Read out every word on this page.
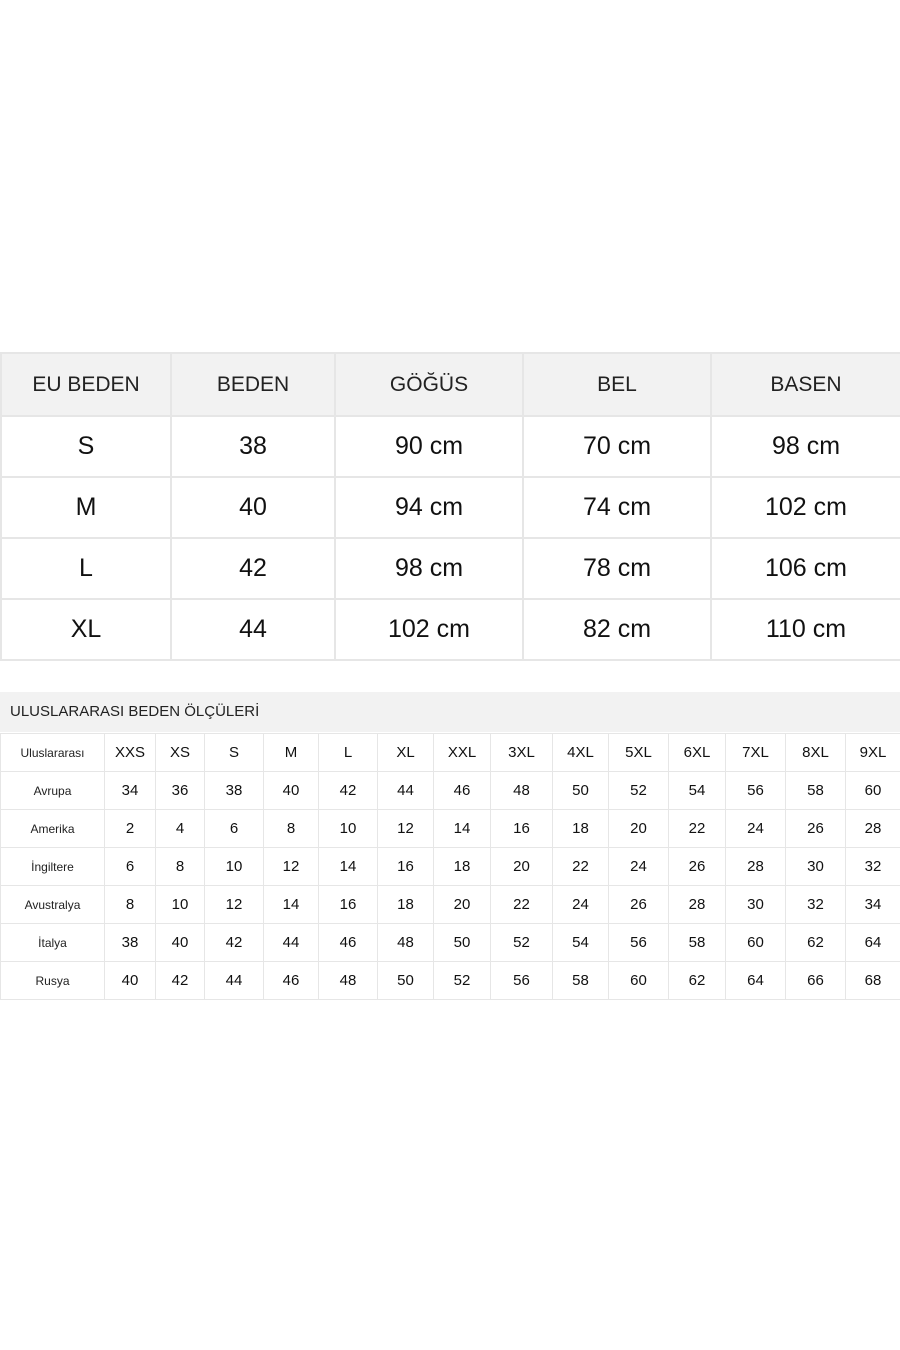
EU BEDEN	BEDEN	GÖĞÜS	BEL	BASEN
S	38	90 cm	70 cm	98 cm
M	40	94 cm	74 cm	102 cm
L	42	98 cm	78 cm	106 cm
XL	44	102 cm	82 cm	110 cm
ULUSLARARASI BEDEN ÖLÇÜLERİ
Uluslararası	XXS	XS	S	M	L	XL	XXL	3XL	4XL	5XL	6XL	7XL	8XL	9XL
Avrupa	34	36	38	40	42	44	46	48	50	52	54	56	58	60
Amerika	2	4	6	8	10	12	14	16	18	20	22	24	26	28
İngiltere	6	8	10	12	14	16	18	20	22	24	26	28	30	32
Avustralya	8	10	12	14	16	18	20	22	24	26	28	30	32	34
İtalya	38	40	42	44	46	48	50	52	54	56	58	60	62	64
Rusya	40	42	44	46	48	50	52	56	58	60	62	64	66	68
